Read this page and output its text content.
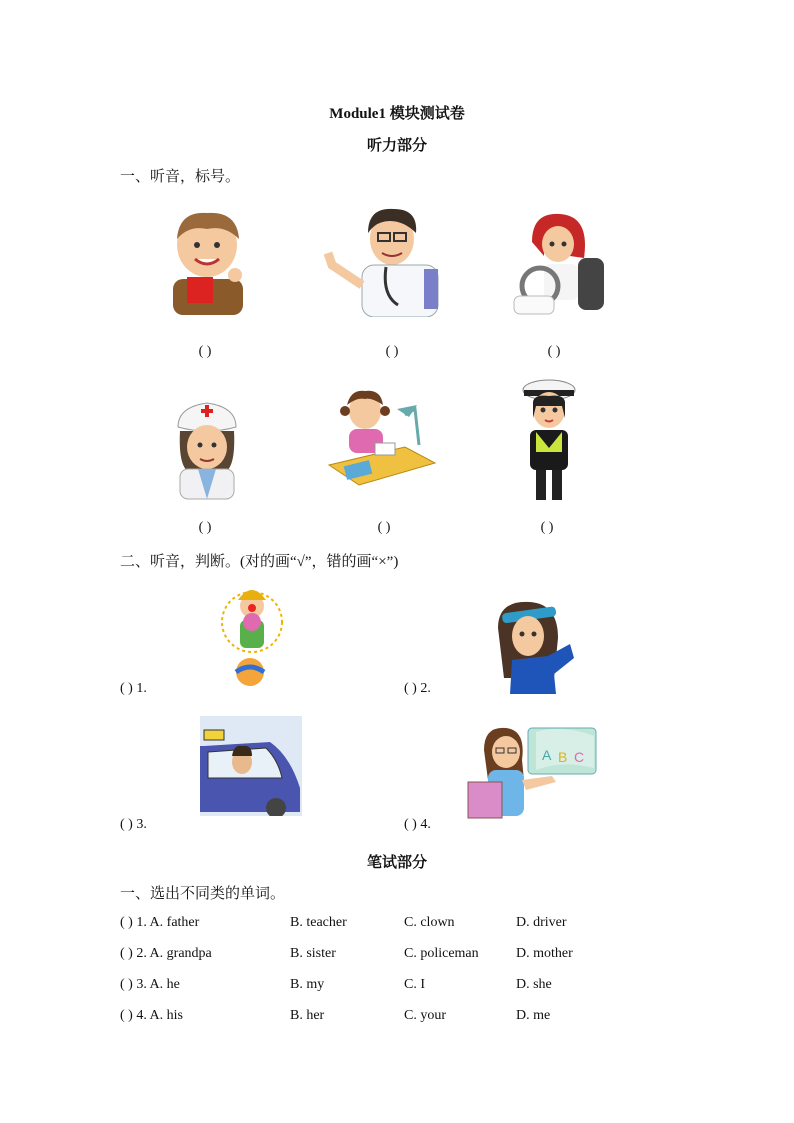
Module1 模块测试卷
听力部分
一、听音，标号。
( )	( )	( )
( )	( )	( )
二、听音，判断。(对的画“√”，错的画“×”)
A B C
( ) 1.	( ) 2.
( ) 3.	( ) 4.
笔试部分
一、选出不同类的单词。
( ) 1. A. father	B. teacher	C. clown	D. driver
( ) 2. A. grandpa	B. sister	C. policeman	D. mother
( ) 3. A. he	B. my	C. I	D. she
( ) 4. A. his	B. her	C. your	D. me
